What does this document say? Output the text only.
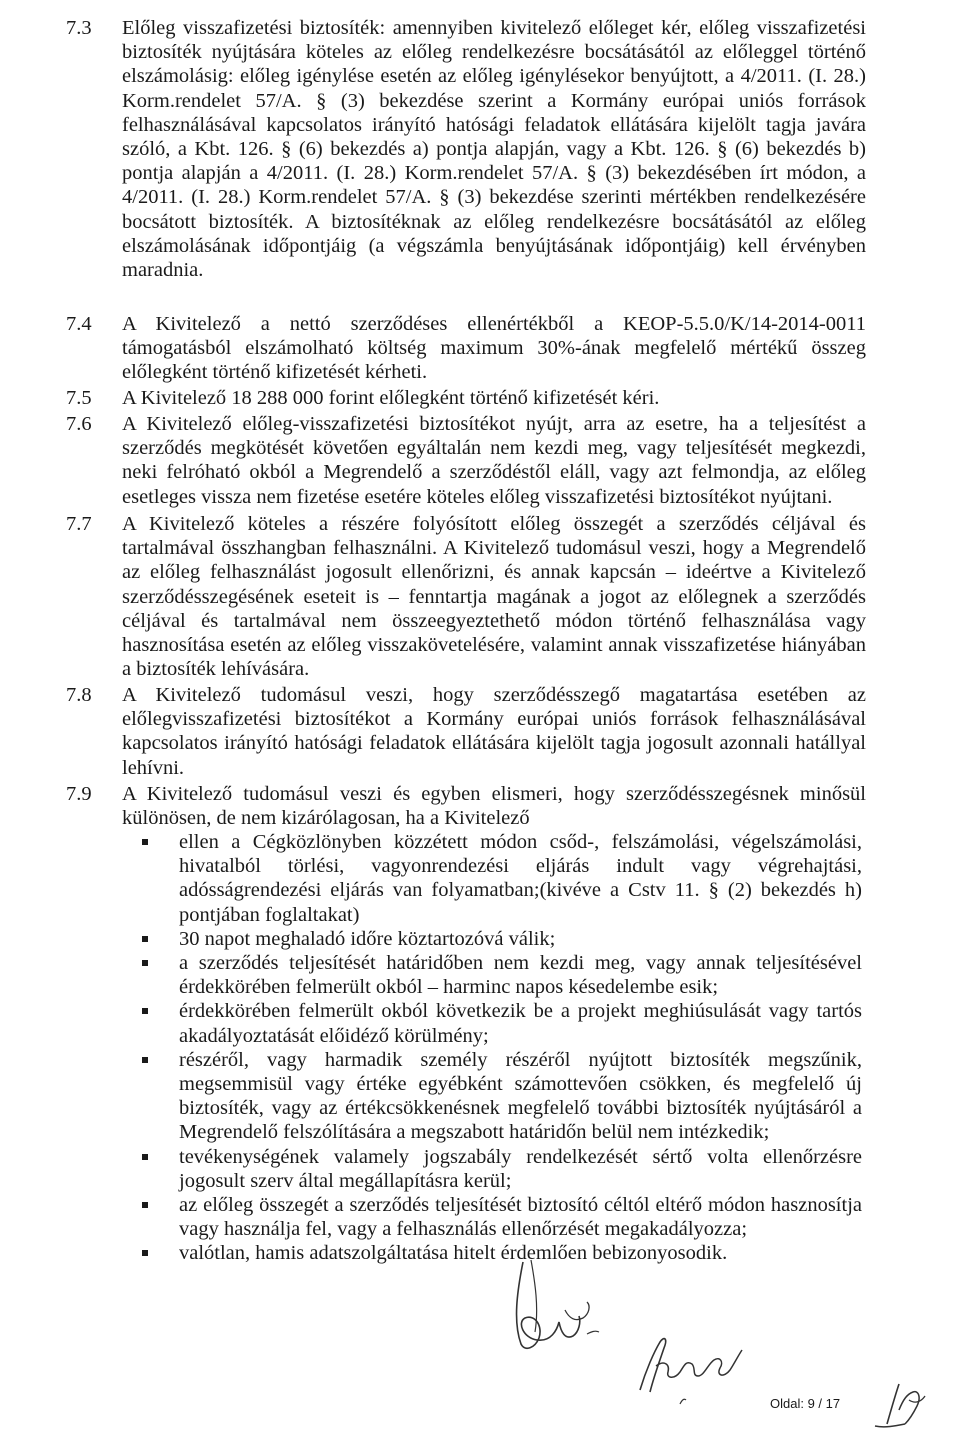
7.3	Előleg visszafizetési biztosíték: amennyiben kivitelező előleget kér, előleg visszafizetési biztosíték nyújtására köteles az előleg rendelkezésre bocsátásától az előleggel történő elszámolásig: előleg igénylése esetén az előleg igénylésekor benyújtott, a 4/2011. (I. 28.) Korm.rendelet 57/A. § (3) bekezdése szerint a Kormány európai uniós források felhasználásával kapcsolatos irányító hatósági feladatok ellátására kijelölt tagja javára szóló, a Kbt. 126. § (6) bekezdés a) pontja alapján, vagy a Kbt. 126. § (6) bekezdés b) pontja alapján a 4/2011. (I. 28.) Korm.rendelet 57/A. § (3) bekezdésében írt módon, a 4/2011. (I. 28.) Korm.rendelet 57/A. § (3) bekezdése szerinti mértékben rendelkezésére bocsátott biztosíték. A biztosítéknak az előleg rendelkezésre bocsátásától az előleg elszámolásának időpontjáig (a végszámla benyújtásának időpontjáig) kell érvényben maradnia.
7.4	A Kivitelező a nettó szerződéses ellenértékből a KEOP-5.5.0/K/14-2014-0011 támogatásból elszámolható költség maximum 30%-ának megfelelő mértékű összeg előlegként történő kifizetését kérheti.
7.5	A Kivitelező 18 288 000 forint előlegként történő kifizetését kéri.
7.6	A Kivitelező előleg-visszafizetési biztosítékot nyújt, arra az esetre, ha a teljesítést a szerződés megkötését követően egyáltalán nem kezdi meg, vagy teljesítését megkezdi, neki felróható okból a Megrendelő a szerződéstől eláll, vagy azt felmondja, az előleg esetleges vissza nem fizetése esetére köteles előleg visszafizetési biztosítékot nyújtani.
7.7	A Kivitelező köteles a részére folyósított előleg összegét a szerződés céljával és tartalmával összhangban felhasználni. A Kivitelező tudomásul veszi, hogy a Megrendelő az előleg felhasználást jogosult ellenőrizni, és annak kapcsán – ideértve a Kivitelező szerződésszegésének eseteit is – fenntartja magának a jogot az előlegnek a szerződés céljával és tartalmával nem összeegyeztethető módon történő felhasználása vagy hasznosítása esetén az előleg visszakövetelésére, valamint annak visszafizetése hiányában a biztosíték lehívására.
7.8	A Kivitelező tudomásul veszi, hogy szerződésszegő magatartása esetében az előlegvisszafizetési biztosítékot a Kormány európai uniós források felhasználásával kapcsolatos irányító hatósági feladatok ellátására kijelölt tagja jogosult azonnali hatállyal lehívni.
7.9	A Kivitelező tudomásul veszi és egyben elismeri, hogy szerződésszegésnek minősül különösen, de nem kizárólagosan, ha a Kivitelező
ellen a Cégközlönyben közzétett módon csőd-, felszámolási, végelszámolási, hivatalból törlési, vagyonrendezési eljárás indult vagy végrehajtási, adósságrendezési eljárás van folyamatban;(kivéve a Cstv 11. § (2) bekezdés h) pontjában foglaltakat)
30 napot meghaladó időre köztartozóvá válik;
a szerződés teljesítését határidőben nem kezdi meg, vagy annak teljesítésével érdekkörében felmerült okból – harminc napos késedelembe esik;
érdekkörében felmerült okból következik be a projekt meghiúsulását vagy tartós akadályoztatását előidéző körülmény;
részéről, vagy harmadik személy részéről nyújtott biztosíték megszűnik, megsemmisül vagy értéke egyébként számottevően csökken, és megfelelő új biztosíték, vagy az értékcsökkenésnek megfelelő további biztosíték nyújtásáról a Megrendelő felszólítására a megszabott határidőn belül nem intézkedik;
tevékenységének valamely jogszabály rendelkezését sértő volta ellenőrzésre jogosult szerv által megállapításra kerül;
az előleg összegét a szerződés teljesítését biztosító céltól eltérő módon hasznosítja vagy használja fel, vagy a felhasználás ellenőrzését megakadályozza;
valótlan, hamis adatszolgáltatása hitelt érdemlően bebizonyosodik.
Oldal: 9 / 17
